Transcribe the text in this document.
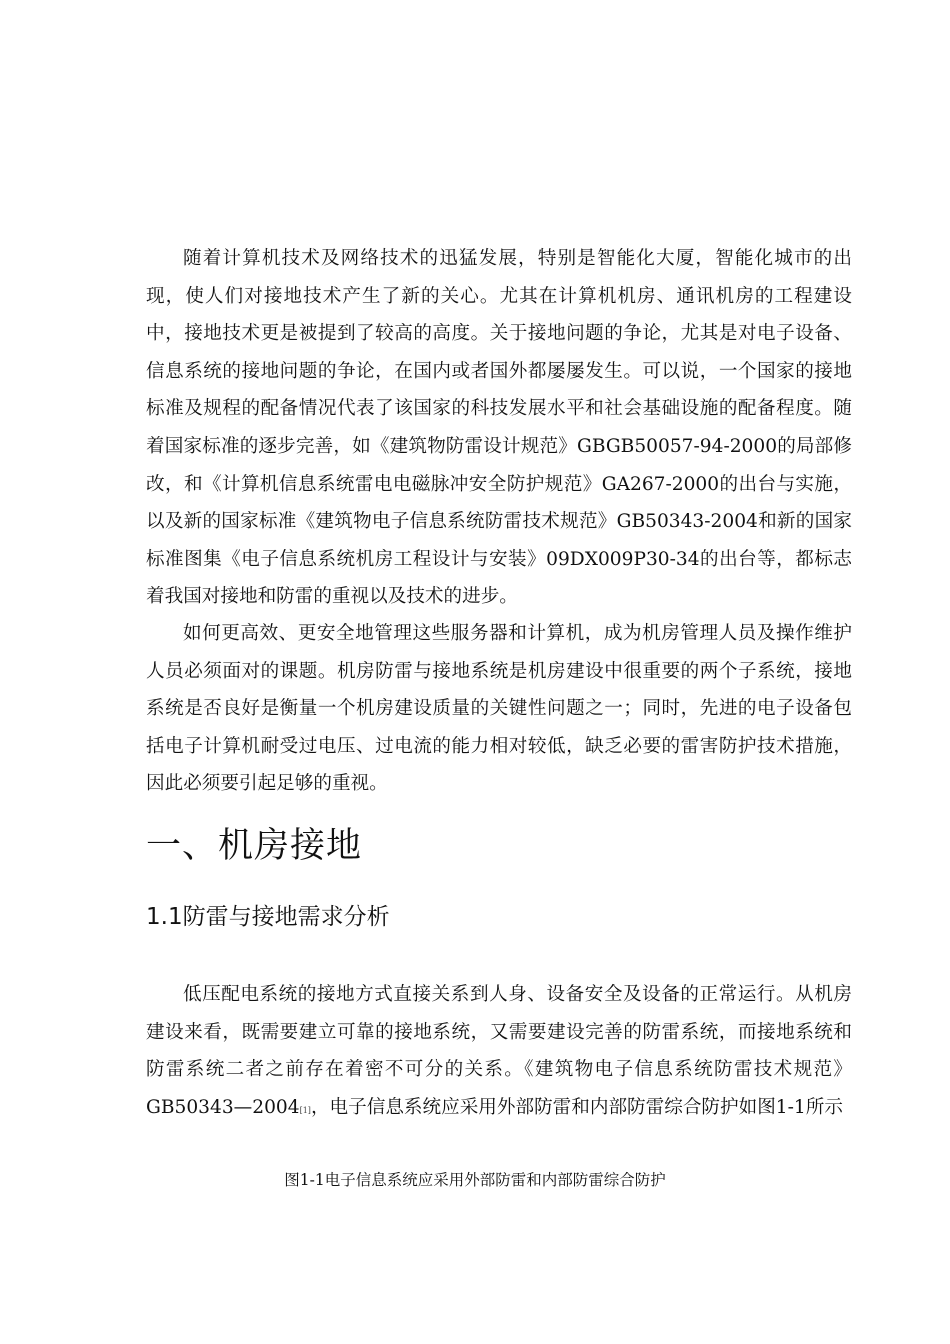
随着计算机技术及网络技术的迅猛发展，特别是智能化大厦，智能化城市的出现，使人们对接地技术产生了新的关心。尤其在计算机机房、通讯机房的工程建设中，接地技术更是被提到了较高的高度。关于接地问题的争论，尤其是对电子设备、信息系统的接地问题的争论，在国内或者国外都屡屡发生。可以说，一个国家的接地标准及规程的配备情况代表了该国家的科技发展水平和社会基础设施的配备程度。随着国家标准的逐步完善，如《建筑物防雷设计规范》GBGB50057-94-2000的局部修改，和《计算机信息系统雷电电磁脉冲安全防护规范》GA267-2000的出台与实施，以及新的国家标准《建筑物电子信息系统防雷技术规范》GB50343-2004和新的国家标准图集《电子信息系统机房工程设计与安装》09DX009P30-34的出台等，都标志着我国对接地和防雷的重视以及技术的进步。

如何更高效、更安全地管理这些服务器和计算机，成为机房管理人员及操作维护人员必须面对的课题。机房防雷与接地系统是机房建设中很重要的两个子系统，接地系统是否良好是衡量一个机房建设质量的关键性问题之一；同时，先进的电子设备包括电子计算机耐受过电压、过电流的能力相对较低，缺乏必要的雷害防护技术措施，因此必须要引起足够的重视。

一、机房接地
1.1防雷与接地需求分析

低压配电系统的接地方式直接关系到人身、设备安全及设备的正常运行。从机房建设来看，既需要建立可靠的接地系统，又需要建设完善的防雷系统，而接地系统和防雷系统二者之前存在着密不可分的关系。《建筑物电子信息系统防雷技术规范》GB50343—2004[1]，电子信息系统应采用外部防雷和内部防雷综合防护如图1-1所示

图1-1电子信息系统应采用外部防雷和内部防雷综合防护
